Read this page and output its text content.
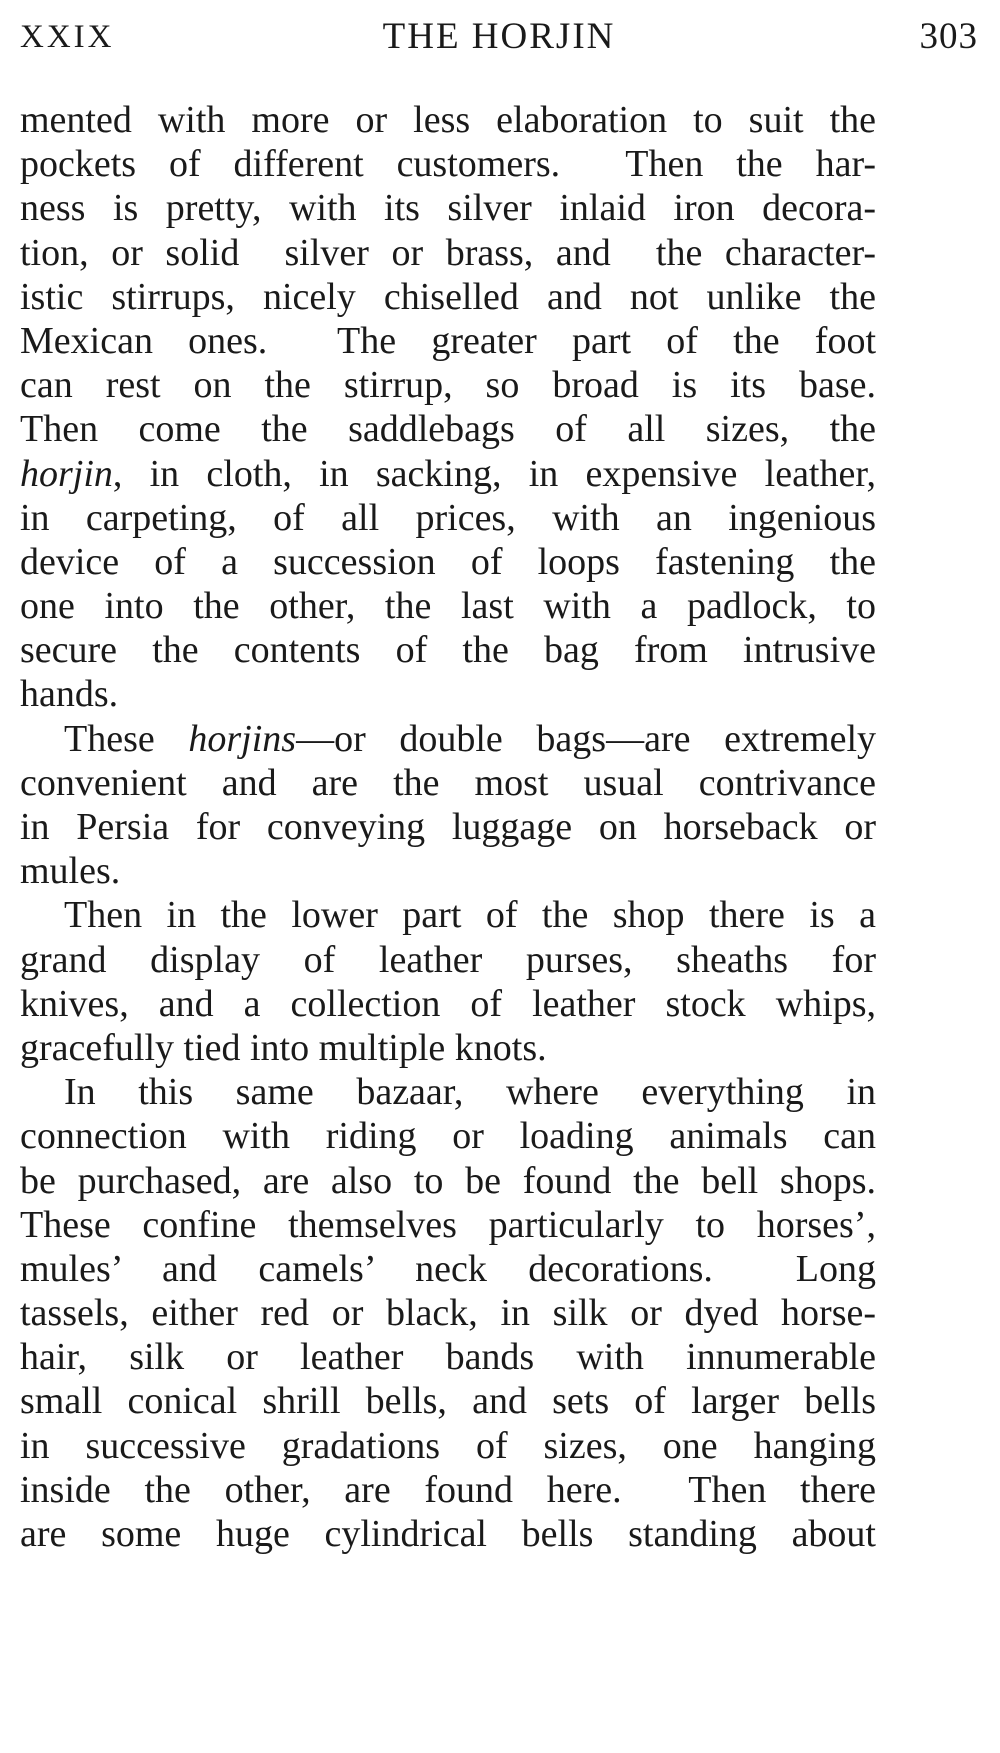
XXIX	THE HORJIN	303
mented with more or less elaboration to suit the
pockets of different customers.  Then the har-
ness is pretty, with its silver inlaid iron decora-
tion, or solid  silver or brass, and  the character-
istic stirrups, nicely chiselled and not unlike the
Mexican ones.  The greater part of the foot
can rest on the stirrup, so broad is its base.
Then come the saddlebags of all sizes, the
horjin, in cloth, in sacking, in expensive leather,
in carpeting, of all prices, with an ingenious
device of a succession of loops fastening the
one into the other, the last with a padlock, to
secure the contents of the bag from intrusive
hands.
These horjins—or double bags—are extremely
convenient and are the most usual contrivance
in Persia for conveying luggage on horseback or
mules.
Then in the lower part of the shop there is a
grand display of leather purses, sheaths for
knives, and a collection of leather stock whips,
gracefully tied into multiple knots.
In this same bazaar, where everything in
connection with riding or loading animals can
be purchased, are also to be found the bell shops.
These confine themselves particularly to horses’,
mules’ and camels’ neck decorations.  Long
tassels, either red or black, in silk or dyed horse-
hair, silk or leather bands with innumerable
small conical shrill bells, and sets of larger bells
in successive gradations of sizes, one hanging
inside the other, are found here.  Then there
are some huge cylindrical bells standing about
